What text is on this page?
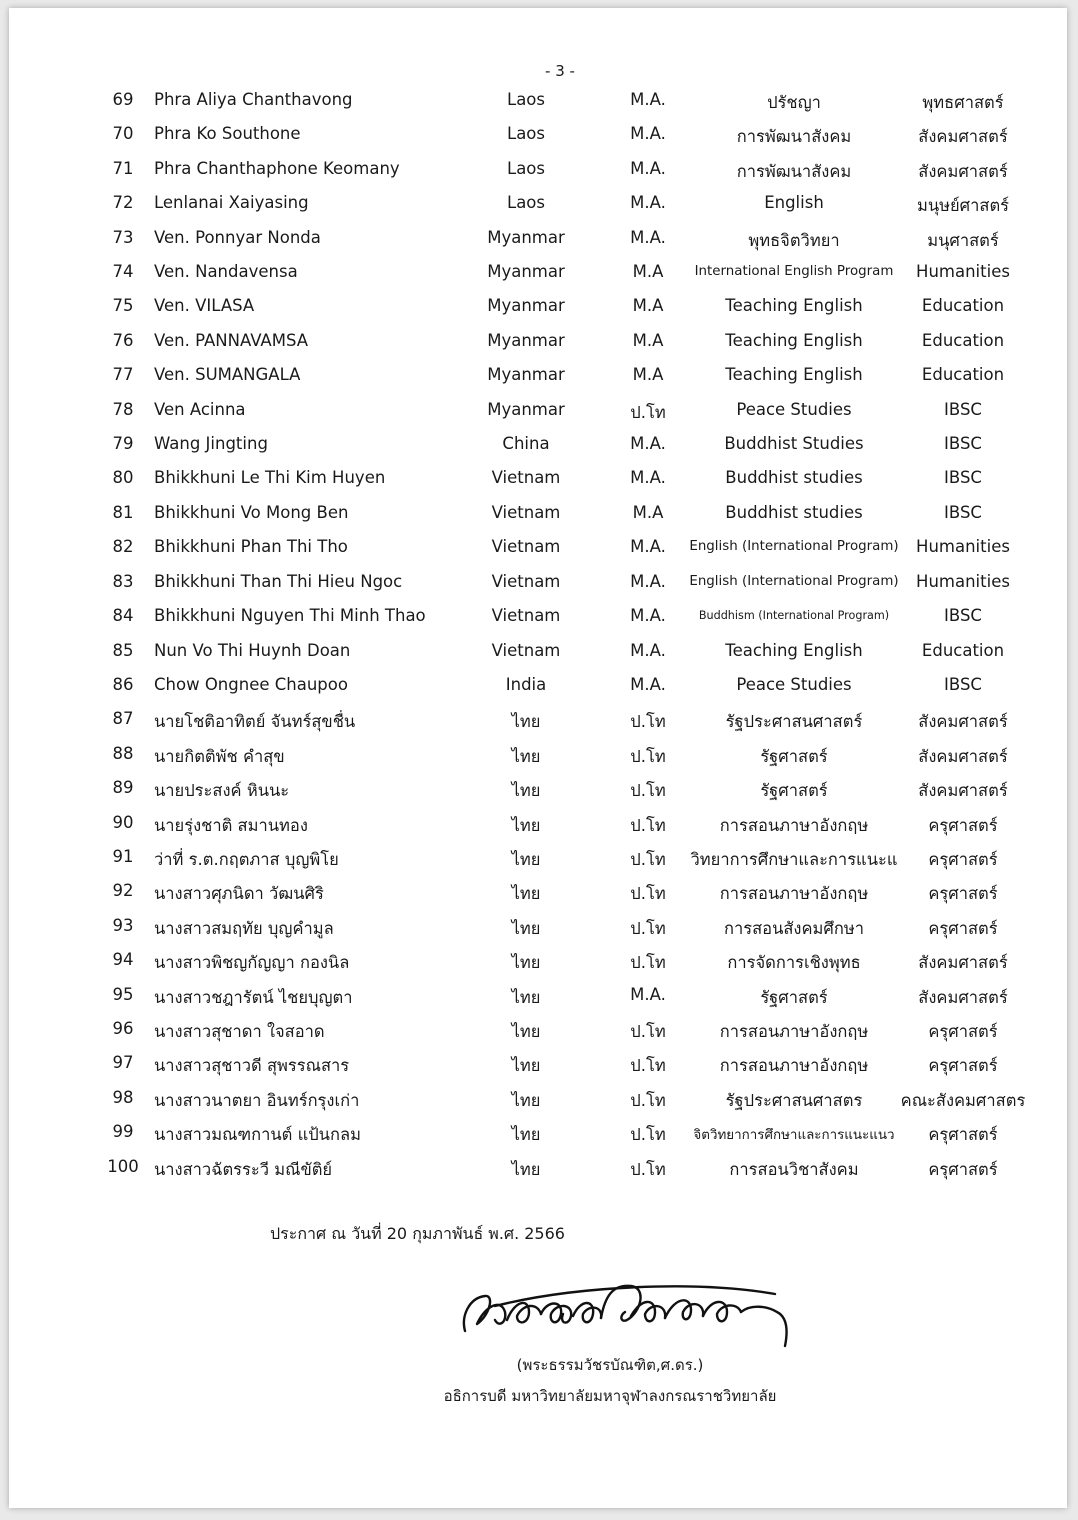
- 3 -
69	Phra Aliya Chanthavong	Laos	M.A.	ปรัชญา	พุทธศาสตร์
70	Phra Ko Southone	Laos	M.A.	การพัฒนาสังคม	สังคมศาสตร์
71	Phra Chanthaphone Keomany	Laos	M.A.	การพัฒนาสังคม	สังคมศาสตร์
72	Lenlanai Xaiyasing	Laos	M.A.	English	มนุษย์ศาสตร์
73	Ven. Ponnyar Nonda	Myanmar	M.A.	พุทธจิตวิทยา	มนุศาสตร์
74	Ven. Nandavensa	Myanmar	M.A	International English Program	Humanities
75	Ven. VILASA	Myanmar	M.A	Teaching English	Education
76	Ven. PANNAVAMSA	Myanmar	M.A	Teaching English	Education
77	Ven. SUMANGALA	Myanmar	M.A	Teaching English	Education
78	Ven Acinna	Myanmar	ป.โท	Peace Studies	IBSC
79	Wang Jingting	China	M.A.	Buddhist Studies	IBSC
80	Bhikkhuni Le Thi Kim Huyen	Vietnam	M.A.	Buddhist studies	IBSC
81	Bhikkhuni Vo Mong Ben	Vietnam	M.A	Buddhist studies	IBSC
82	Bhikkhuni Phan Thi Tho	Vietnam	M.A.	English (International Program)	Humanities
83	Bhikkhuni Than Thi Hieu Ngoc	Vietnam	M.A.	English (International Program)	Humanities
84	Bhikkhuni Nguyen Thi Minh Thao	Vietnam	M.A.	Buddhism (International Program)	IBSC
85	Nun Vo Thi Huynh Doan	Vietnam	M.A.	Teaching English	Education
86	Chow Ongnee Chaupoo	India	M.A.	Peace Studies	IBSC
87	นายโชติอาทิตย์ จันทร์สุขชื่น	ไทย	ป.โท	รัฐประศาสนศาสตร์	สังคมศาสตร์
88	นายกิตติพัช คำสุข	ไทย	ป.โท	รัฐศาสตร์	สังคมศาสตร์
89	นายประสงค์ หินนะ	ไทย	ป.โท	รัฐศาสตร์	สังคมศาสตร์
90	นายรุ่งชาติ สมานทอง	ไทย	ป.โท	การสอนภาษาอังกฤษ	ครุศาสตร์
91	ว่าที่ ร.ต.กฤตภาส บุญพิโย	ไทย	ป.โท	วิทยาการศึกษาและการแนะแ	ครุศาสตร์
92	นางสาวศุภนิดา วัฒนศิริ	ไทย	ป.โท	การสอนภาษาอังกฤษ	ครุศาสตร์
93	นางสาวสมฤทัย บุญคำมูล	ไทย	ป.โท	การสอนสังคมศึกษา	ครุศาสตร์
94	นางสาวพิชญกัญญา กองนิล	ไทย	ป.โท	การจัดการเชิงพุทธ	สังคมศาสตร์
95	นางสาวชฎารัตน์ ไชยบุญตา	ไทย	M.A.	รัฐศาสตร์	สังคมศาสตร์
96	นางสาวสุชาดา ใจสอาด	ไทย	ป.โท	การสอนภาษาอังกฤษ	ครุศาสตร์
97	นางสาวสุชาวดี สุพรรณสาร	ไทย	ป.โท	การสอนภาษาอังกฤษ	ครุศาสตร์
98	นางสาวนาตยา อินทร์กรุงเก่า	ไทย	ป.โท	รัฐประศาสนศาสตร	คณะสังคมศาสตร
99	นางสาวมณฑกานต์ แป้นกลม	ไทย	ป.โท	จิตวิทยาการศึกษาและการแนะแนว	ครุศาสตร์
100 นางสาวฉัตรระวี มณีขัติย์	ไทย	ป.โท	การสอนวิชาสังคม	ครุศาสตร์
ประกาศ ณ วันที่ 20 กุมภาพันธ์ พ.ศ. 2566
(พระธรรมวัชรบัณฑิต,ศ.ดร.)
อธิการบดี มหาวิทยาลัยมหาจุฬาลงกรณราชวิทยาลัย
